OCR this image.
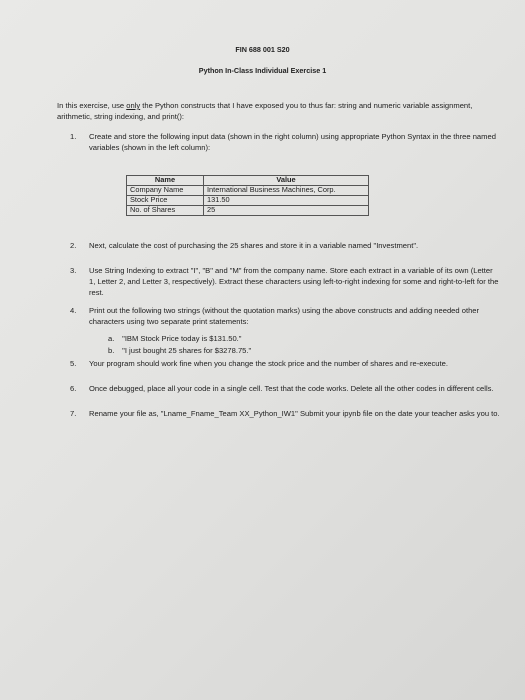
FIN 688 001 S20
Python In-Class Individual Exercise 1
In this exercise, use only the Python constructs that I have exposed you to thus far: string and numeric variable assignment, arithmetic, string indexing, and print():
1.	Create and store the following input data (shown in the right column) using appropriate Python Syntax in the three named variables (shown in the left column):
Name	Value
Company Name	International Business Machines, Corp.
Stock Price	131.50
No. of Shares	25
2.	Next, calculate the cost of purchasing the 25 shares and store it in a variable named "Investment".
3.	Use String Indexing to extract "I", "B" and "M" from the company name. Store each extract in a variable of its own (Letter 1, Letter 2, and Letter 3, respectively). Extract these characters using left-to-right indexing for some and right-to-left for the rest.
4.	Print out the following two strings (without the quotation marks) using the above constructs and adding needed other characters using two separate print statements:
a. "IBM Stock Price today is $131.50."
b. "I just bought 25 shares for $3278.75."
5.	Your program should work fine when you change the stock price and the number of shares and re-execute.
6.	Once debugged, place all your code in a single cell. Test that the code works. Delete all the other codes in different cells.
7.	Rename your file as, "Lname_Fname_Team XX_Python_IW1" Submit your ipynb file on the date your teacher asks you to.
